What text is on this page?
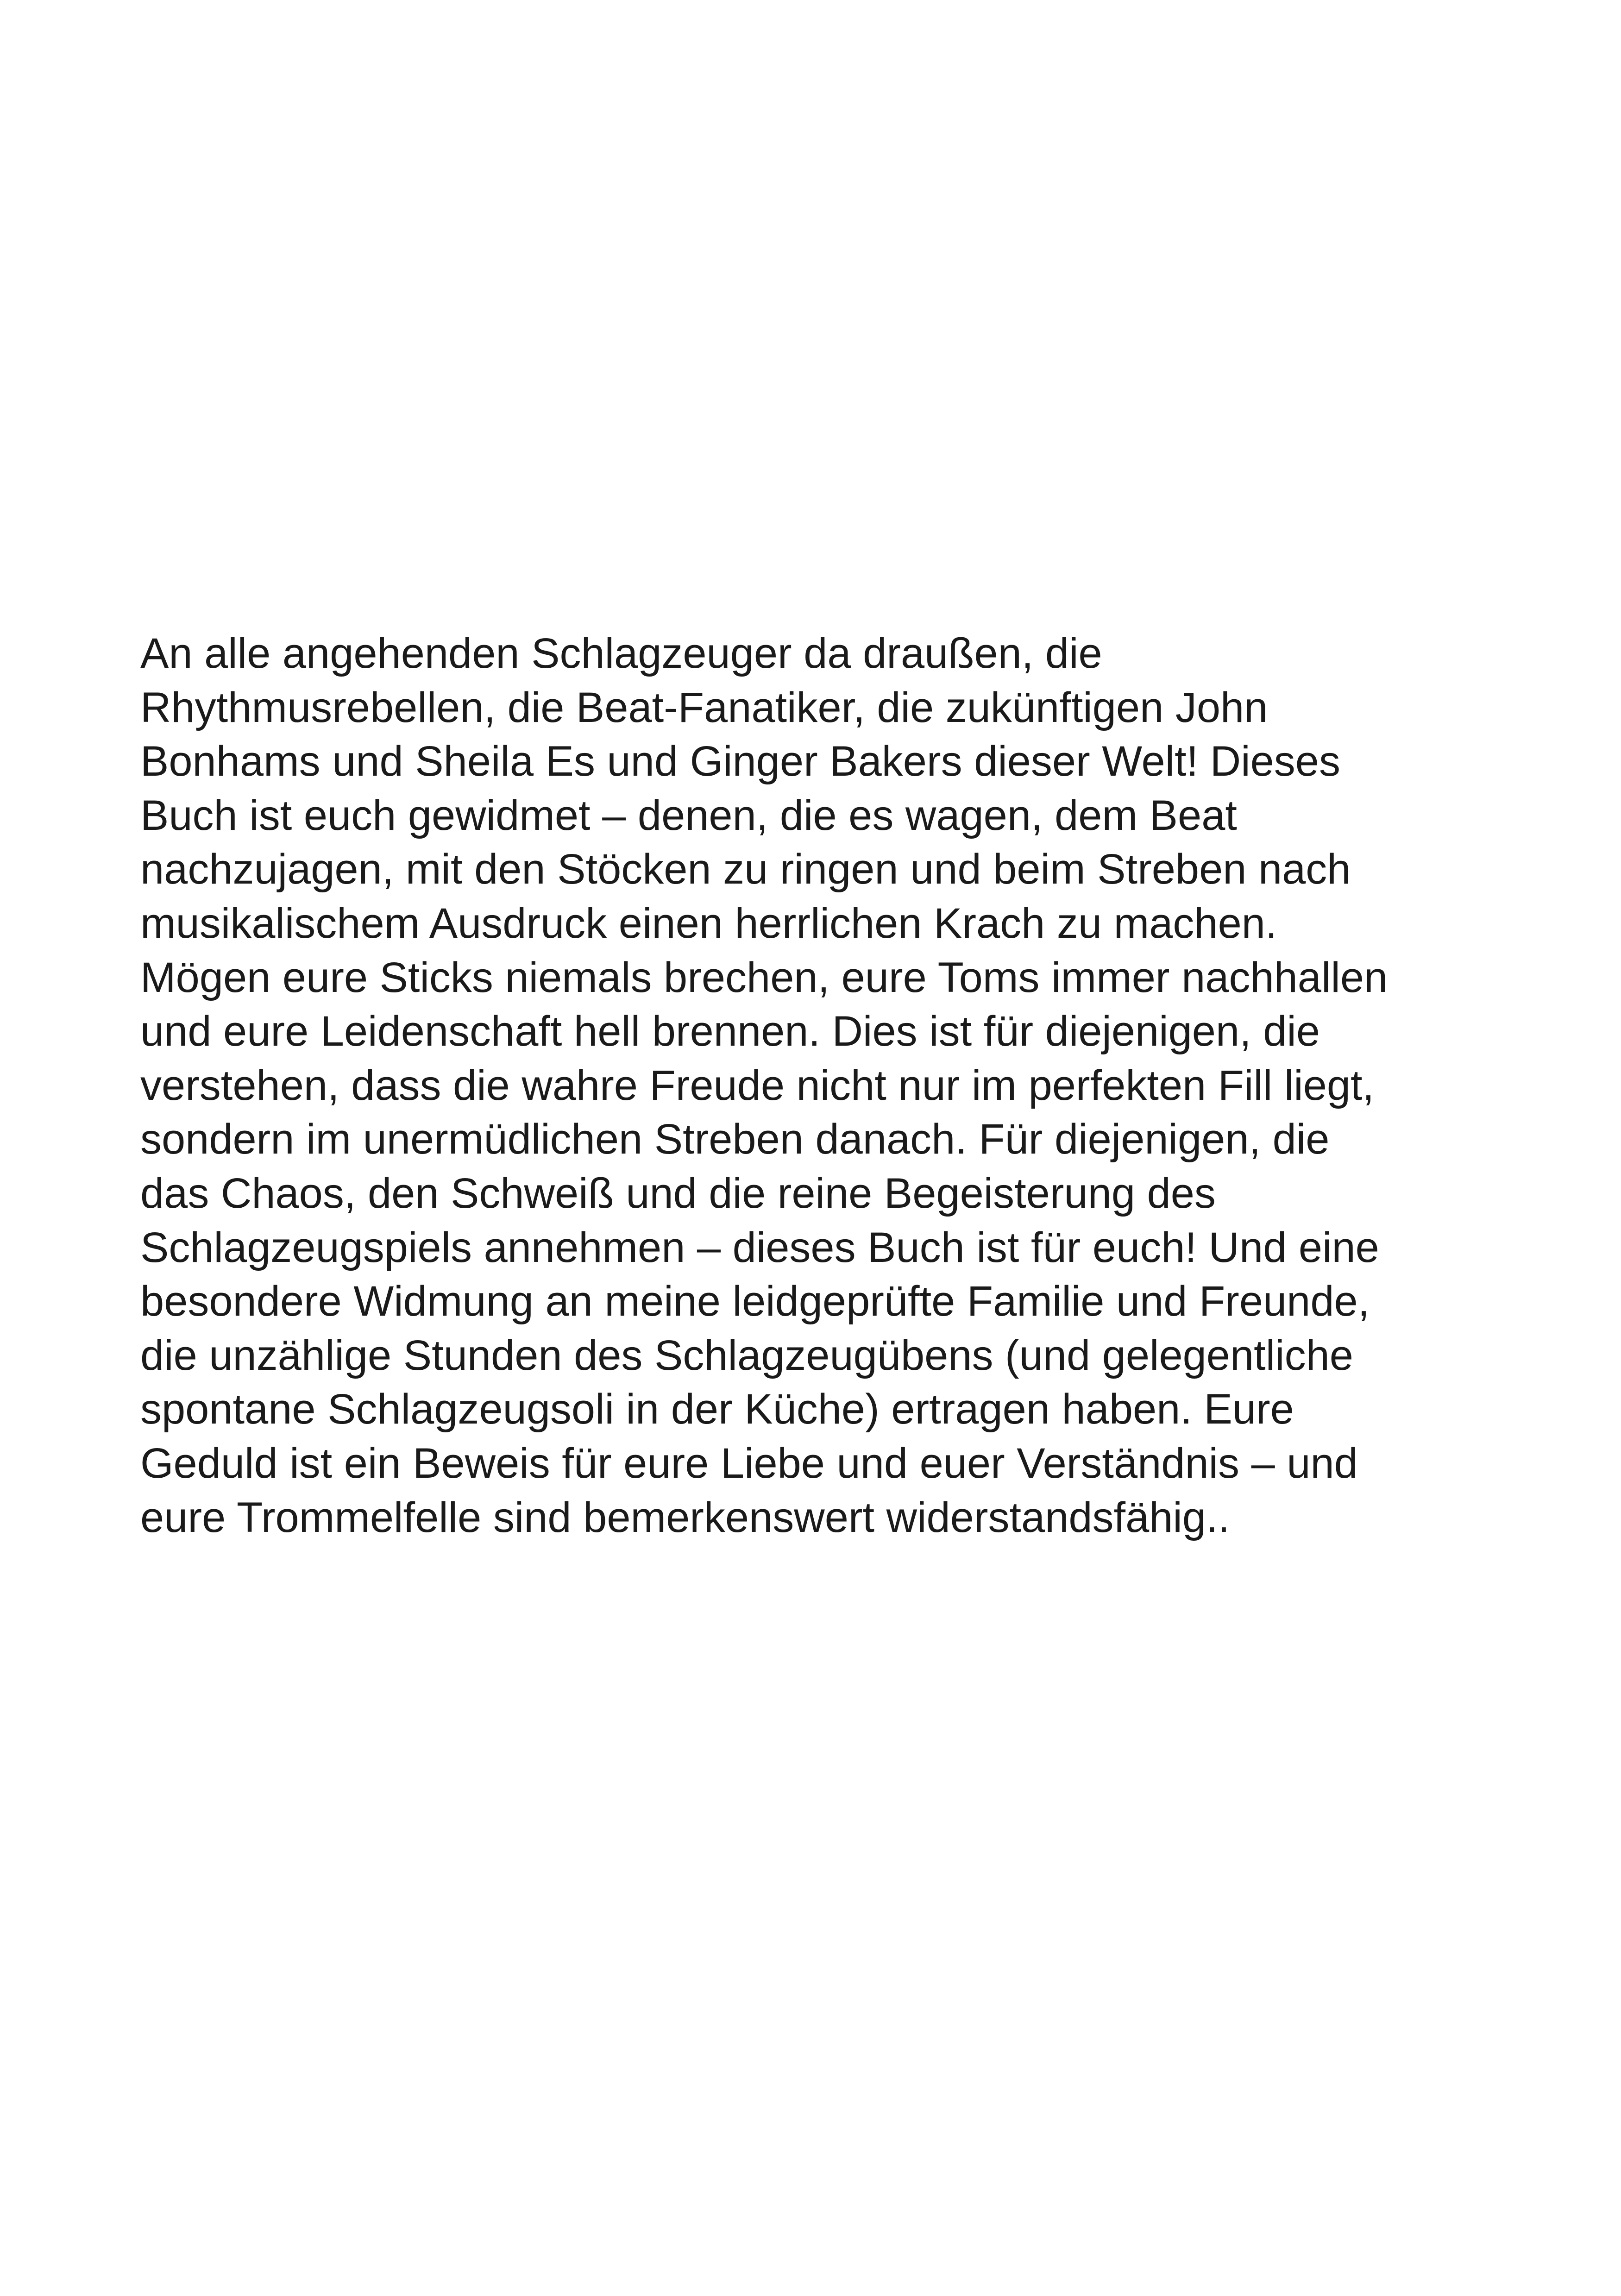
An alle angehenden Schlagzeuger da draußen, die
Rhythmusrebellen, die Beat-Fanatiker, die zukünftigen John
Bonhams und Sheila Es und Ginger Bakers dieser Welt! Dieses
Buch ist euch gewidmet – denen, die es wagen, dem Beat
nachzujagen, mit den Stöcken zu ringen und beim Streben nach
musikalischem Ausdruck einen herrlichen Krach zu machen.
Mögen eure Sticks niemals brechen, eure Toms immer nachhallen
und eure Leidenschaft hell brennen. Dies ist für diejenigen, die
verstehen, dass die wahre Freude nicht nur im perfekten Fill liegt,
sondern im unermüdlichen Streben danach. Für diejenigen, die
das Chaos, den Schweiß und die reine Begeisterung des
Schlagzeugspiels annehmen – dieses Buch ist für euch! Und eine
besondere Widmung an meine leidgeprüfte Familie und Freunde,
die unzählige Stunden des Schlagzeugübens (und gelegentliche
spontane Schlagzeugsoli in der Küche) ertragen haben. Eure
Geduld ist ein Beweis für eure Liebe und euer Verständnis – und
eure Trommelfelle sind bemerkenswert widerstandsfähig..
